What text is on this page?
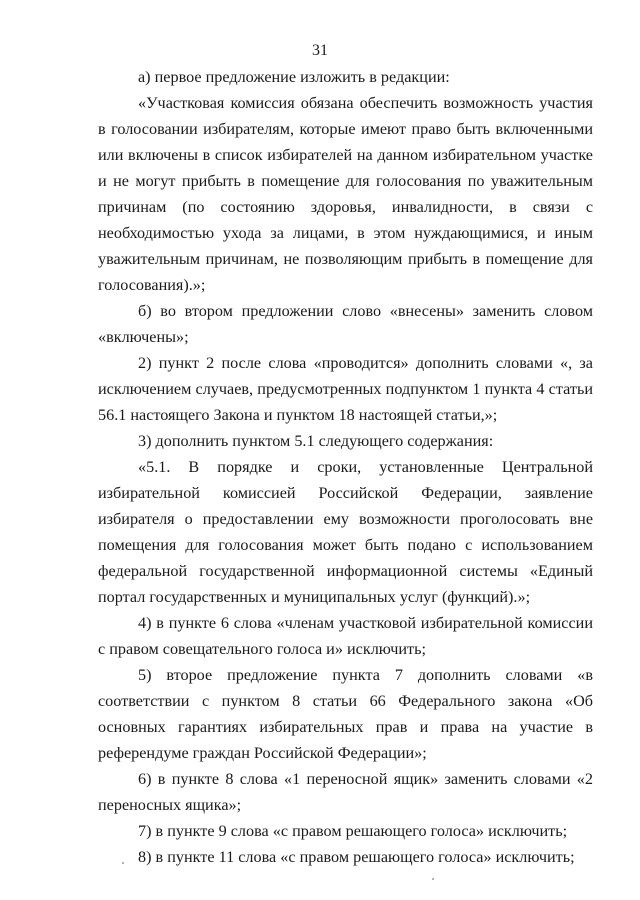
31

а) первое предложение изложить в редакции:

«Участковая комиссия обязана обеспечить возможность участия в голосовании избирателям, которые имеют право быть включенными или включены в список избирателей на данном избирательном участке и не могут прибыть в помещение для голосования по уважительным причинам (по состоянию здоровья, инвалидности, в связи с необходимостью ухода за лицами, в этом нуждающимися, и иным уважительным причинам, не позволяющим прибыть в помещение для голосования).»;

б) во втором предложении слово «внесены» заменить словом «включены»;

2) пункт 2 после слова «проводится» дополнить словами «, за исключением случаев, предусмотренных подпунктом 1 пункта 4 статьи 56.1 настоящего Закона и пунктом 18 настоящей статьи,»;

3) дополнить пунктом 5.1 следующего содержания:

«5.1. В порядке и сроки, установленные Центральной избирательной комиссией Российской Федерации, заявление избирателя о предоставлении ему возможности проголосовать вне помещения для голосования может быть подано с использованием федеральной государственной информационной системы «Единый портал государственных и муниципальных услуг (функций).»;

4) в пункте 6 слова «членам участковой избирательной комиссии с правом совещательного голоса и» исключить;

5) второе предложение пункта 7 дополнить словами «в соответствии с пунктом 8 статьи 66 Федерального закона «Об основных гарантиях избирательных прав и права на участие в референдуме граждан Российской Федерации»;

6) в пункте 8 слова «1 переносной ящик» заменить словами «2 переносных ящика»;

7) в пункте 9 слова «с правом решающего голоса» исключить;

8) в пункте 11 слова «с правом решающего голоса» исключить;
